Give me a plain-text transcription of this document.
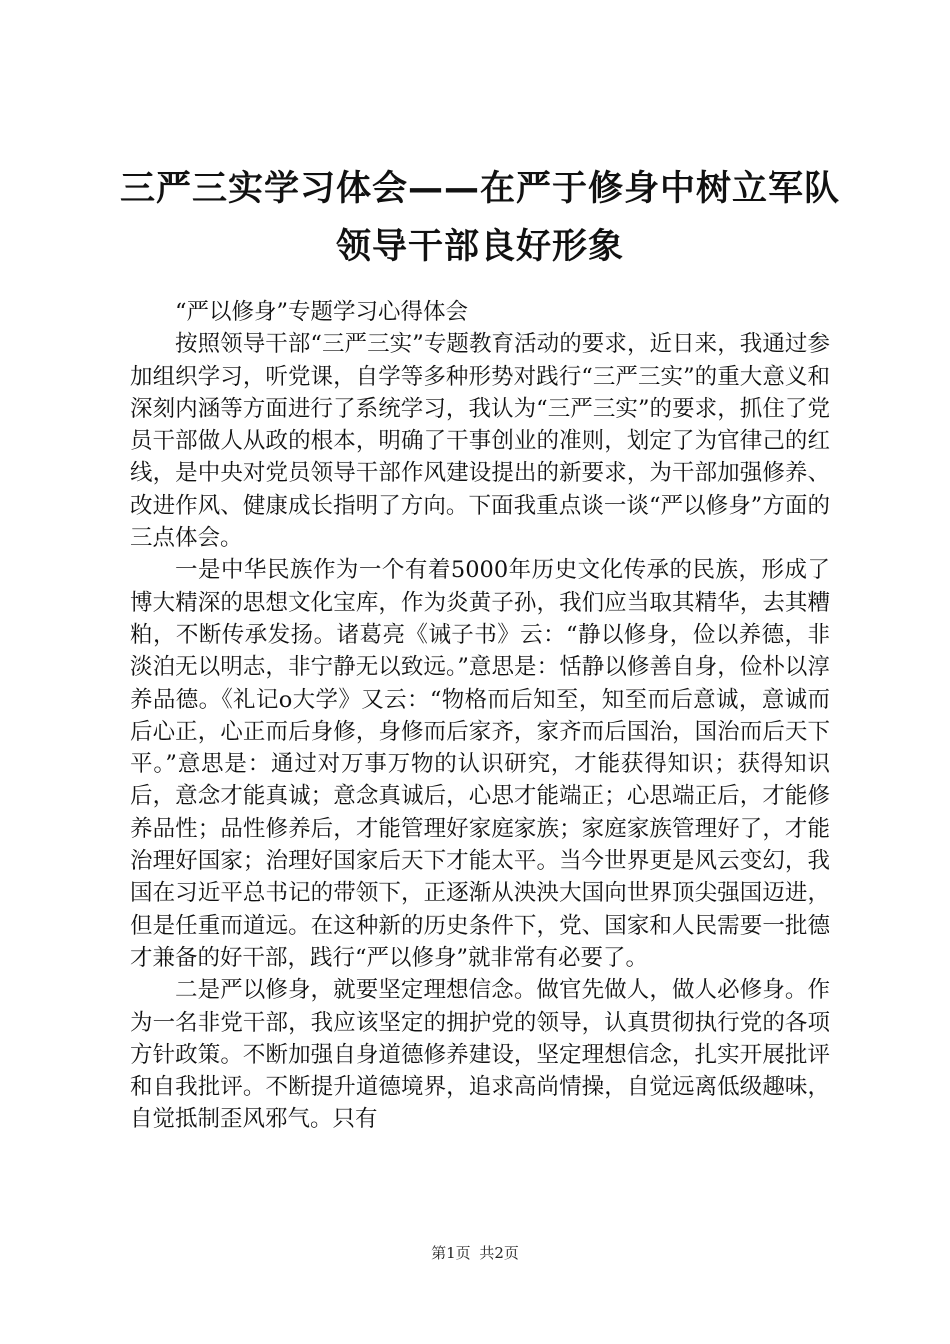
三严三实学习体会——在严于修身中树立军队
领导干部良好形象

“严以修身”专题学习心得体会

按照领导干部“三严三实”专题教育活动的要求，近日来，我通过参加组织学习，听党课，自学等多种形势对践行“三严三实”的重大意义和深刻内涵等方面进行了系统学习，我认为“三严三实”的要求，抓住了党员干部做人从政的根本，明确了干事创业的准则，划定了为官律己的红线，是中央对党员领导干部作风建设提出的新要求，为干部加强修养、改进作风、健康成长指明了方向。下面我重点谈一谈“严以修身”方面的三点体会。

一是中华民族作为一个有着5000年历史文化传承的民族，形成了博大精深的思想文化宝库，作为炎黄子孙，我们应当取其精华，去其糟粕，不断传承发扬。诸葛亮《诫子书》云：“静以修身，俭以养德，非淡泊无以明志，非宁静无以致远。”意思是：恬静以修善自身，俭朴以淳养品德。《礼记o大学》又云：“物格而后知至，知至而后意诚，意诚而后心正，心正而后身修，身修而后家齐，家齐而后国治，国治而后天下平。”意思是：通过对万事万物的认识研究，才能获得知识；获得知识后，意念才能真诚；意念真诚后，心思才能端正；心思端正后，才能修养品性；品性修养后，才能管理好家庭家族；家庭家族管理好了，才能治理好国家；治理好国家后天下才能太平。当今世界更是风云变幻，我国在习近平总书记的带领下，正逐渐从泱泱大国向世界顶尖强国迈进，但是任重而道远。在这种新的历史条件下，党、国家和人民需要一批德才兼备的好干部，践行“严以修身”就非常有必要了。

二是严以修身，就要坚定理想信念。做官先做人，做人必修身。作为一名非党干部，我应该坚定的拥护党的领导，认真贯彻执行党的各项方针政策。不断加强自身道德修养建设，坚定理想信念，扎实开展批评和自我批评。不断提升道德境界，追求高尚情操，自觉远离低级趣味，自觉抵制歪风邪气。只有

第1页 共2页
